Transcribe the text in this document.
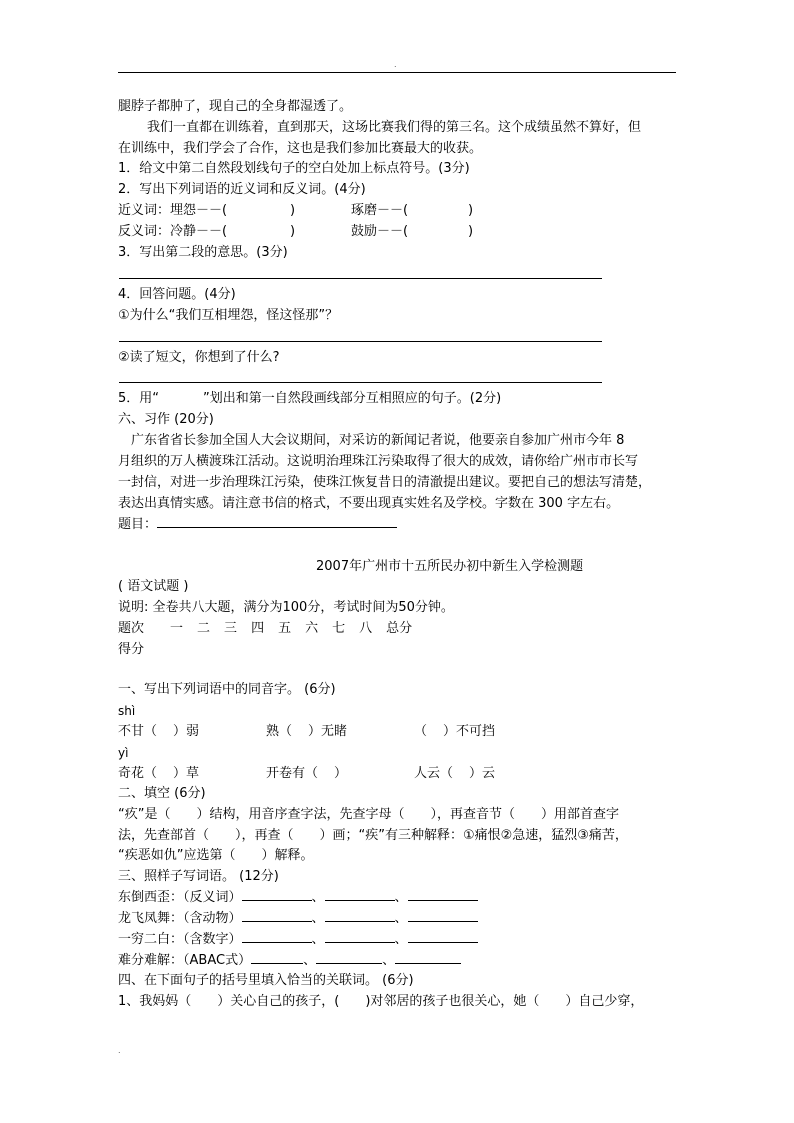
.
腿脖子都肿了，现自己的全身都湿透了。
我们一直都在训练着，直到那天，这场比赛我们得的第三名。这个成绩虽然不算好，但
在训练中，我们学会了合作，这也是我们参加比赛最大的收获。
1．给文中第二自然段划线句子的空白处加上标点符号。(3分)
2．写出下列词语的近义词和反义词。(4分)
近义词：埋怨－－(	)	琢磨－－(	)
反义词：冷静－－(	)	鼓励－－(	)
3．写出第二段的意思。(3分)
4．回答问题。(4分)
①为什么“我们互相埋怨，怪这怪那”？
②读了短文，你想到了什么?
5．用“	”划出和第一自然段画线部分互相照应的句子。(2分)
六、习作 (20分)
广东省省长参加全国人大会议期间，对采访的新闻记者说，他要亲自参加广州市今年 8
月组织的万人横渡珠江活动。这说明治理珠江污染取得了很大的成效，请你给广州市市长写
一封信，对进一步治理珠江污染，使珠江恢复昔日的清澈提出建议。要把自己的想法写清楚，
表达出真情实感。请注意书信的格式，不要出现真实姓名及学校。字数在 300 字左右。
题目：
2007年广州市十五所民办初中新生入学检测题
( 语文试题 )
说明: 全卷共八大题，满分为100分，考试时间为50分钟。
题次 一 二 三 四 五 六 七 八 总分
得分
一、写出下列词语中的同音字。 (6分)
shì
不甘（ ）弱	熟（ ）无睹	（ ）不可挡
yì
奇花（ ）草	开卷有（ ）	人云（ ）云
二、填空 (6分)
“疚”是（　　）结构，用音序查字法，先查字母（　　），再查音节（　　）用部首查字
法，先查部首（　　），再查（　　）画；“疾”有三种解释：①痛恨②急速，猛烈③痛苦，
“疾恶如仇”应选第（　　）解释。
三、照样子写词语。 (12分)
东倒西歪：（反义词）	、	、
龙飞凤舞：（含动物）	、	、
一穷二白：（含数字）	、	、
难分难解：（ABAC式）	、	、
四、在下面句子的括号里填入恰当的关联词。 (6分)
1、我妈妈（　　）关心自己的孩子，(　　)对邻居的孩子也很关心，她（　　）自己少穿，
.
